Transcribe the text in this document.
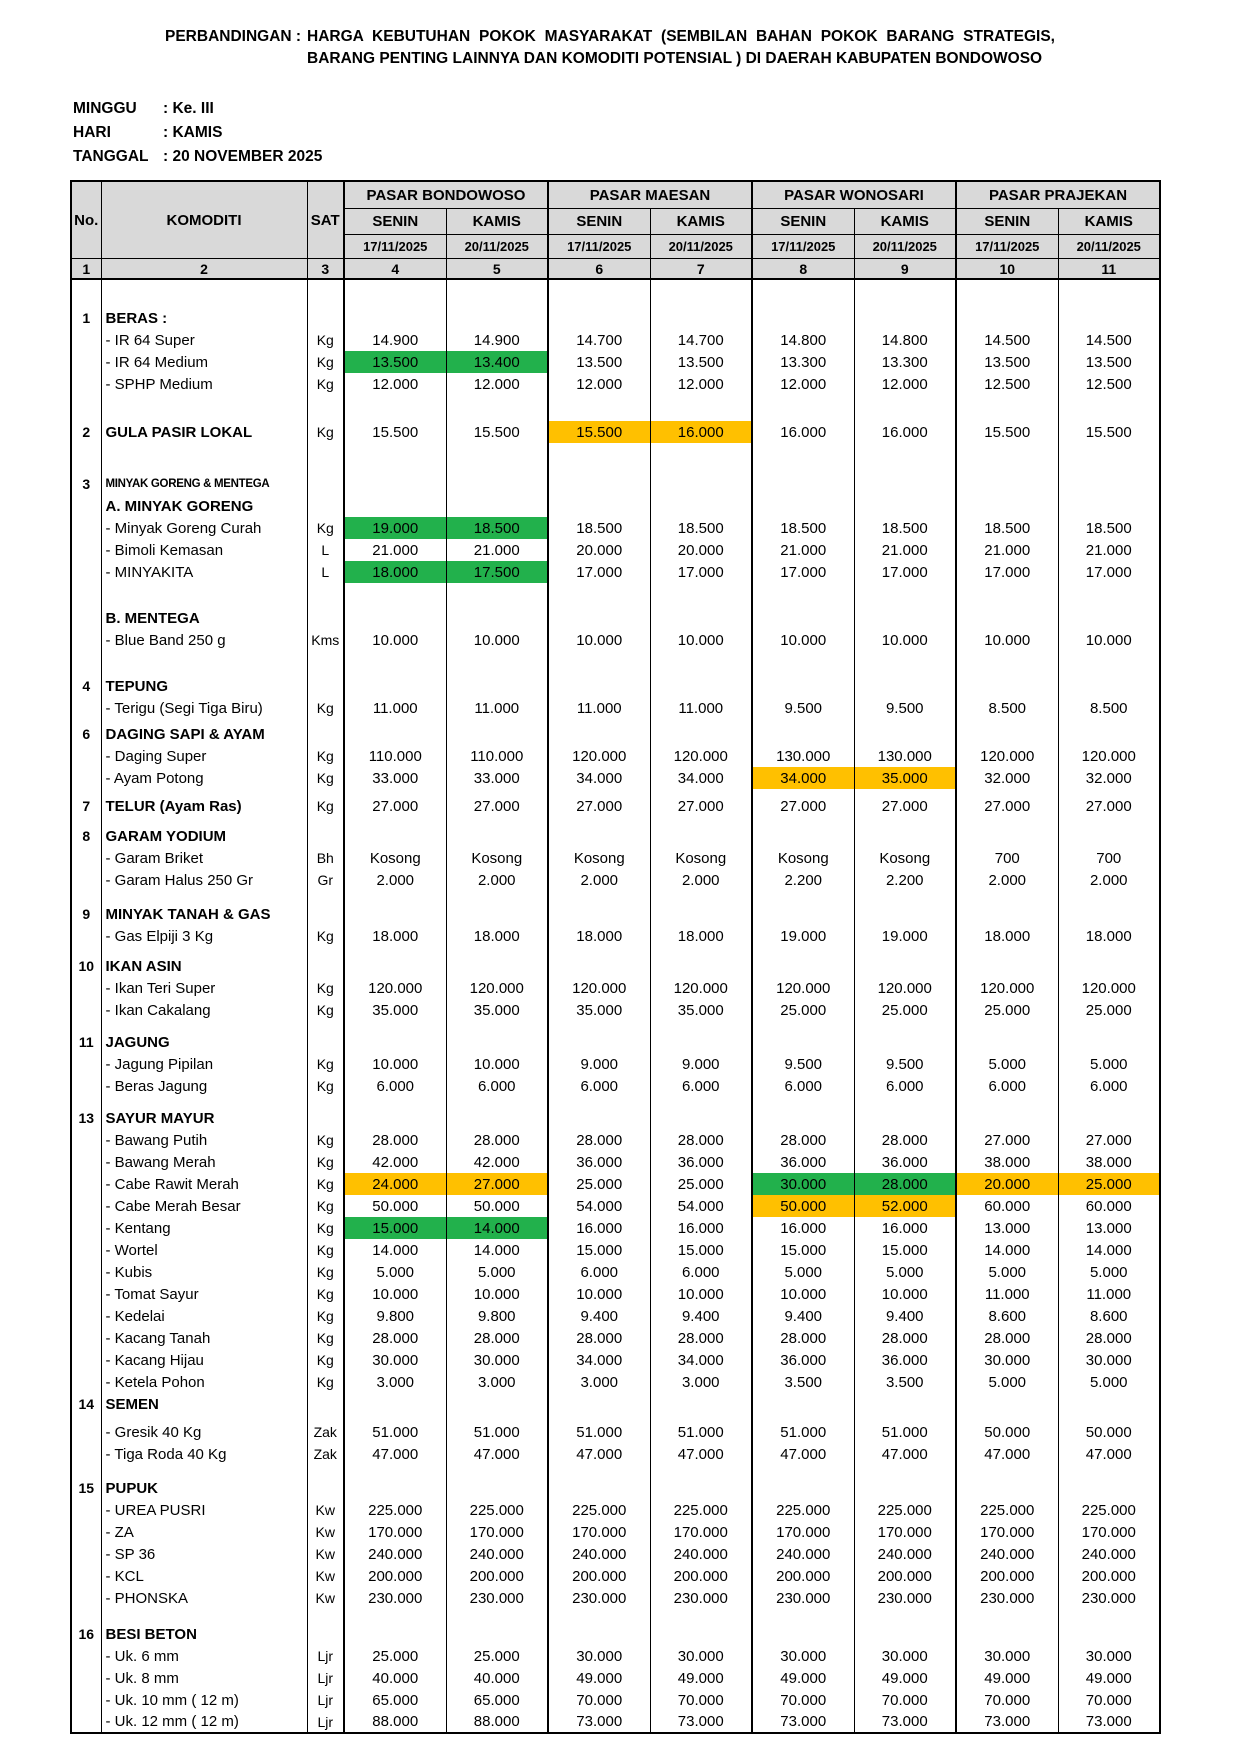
PERBANDINGAN : HARGA KEBUTUHAN POKOK MASYARAKAT (SEMBILAN BAHAN POKOK BARANG STRATEGIS, BARANG PENTING LAINNYA DAN KOMODITI POTENSIAL ) DI DAERAH KABUPATEN BONDOWOSO
MINGGU	: Ke. III
HARI	: KAMIS
TANGGAL : 20 NOVEMBER 2025
No.	KOMODITI	SAT	PASAR BONDOWOSO		PASAR MAESAN		PASAR WONOSARI		PASAR PRAJEKAN	
			SENIN	KAMIS	SENIN	KAMIS	SENIN	KAMIS	SENIN	KAMIS
			17/11/2025	20/11/2025	17/11/2025	20/11/2025	17/11/2025	20/11/2025	17/11/2025	20/11/2025
1	2	3	4	5	6	7	8	9	10	11

1	BERAS :									
	- IR 64 Super	Kg	14.900	14.900	14.700	14.700	14.800	14.800	14.500	14.500
	- IR 64 Medium	Kg	13.500	13.400	13.500	13.500	13.300	13.300	13.500	13.500
	- SPHP Medium	Kg	12.000	12.000	12.000	12.000	12.000	12.000	12.500	12.500

2	GULA PASIR LOKAL	Kg	15.500	15.500	15.500	16.000	16.000	16.000	15.500	15.500

3	MINYAK GORENG & MENTEGA									
	A. MINYAK GORENG									
	- Minyak Goreng Curah	Kg	19.000	18.500	18.500	18.500	18.500	18.500	18.500	18.500
	- Bimoli Kemasan	L	21.000	21.000	20.000	20.000	21.000	21.000	21.000	21.000
	- MINYAKITA	L	18.000	17.500	17.000	17.000	17.000	17.000	17.000	17.000

	B. MENTEGA									
	- Blue Band 250 g	Kms	10.000	10.000	10.000	10.000	10.000	10.000	10.000	10.000

4	TEPUNG									
	- Terigu (Segi Tiga Biru)	Kg	11.000	11.000	11.000	11.000	9.500	9.500	8.500	8.500

6	DAGING SAPI & AYAM									
	- Daging Super	Kg	110.000	110.000	120.000	120.000	130.000	130.000	120.000	120.000
	- Ayam Potong	Kg	33.000	33.000	34.000	34.000	34.000	35.000	32.000	32.000

7	TELUR (Ayam Ras)	Kg	27.000	27.000	27.000	27.000	27.000	27.000	27.000	27.000

8	GARAM YODIUM									
	- Garam Briket	Bh	Kosong	Kosong	Kosong	Kosong	Kosong	Kosong	700	700
	- Garam Halus 250 Gr	Gr	2.000	2.000	2.000	2.000	2.200	2.200	2.000	2.000

9	MINYAK TANAH & GAS									
	- Gas Elpiji 3 Kg	Kg	18.000	18.000	18.000	18.000	19.000	19.000	18.000	18.000

10	IKAN ASIN									
	- Ikan Teri Super	Kg	120.000	120.000	120.000	120.000	120.000	120.000	120.000	120.000
	- Ikan Cakalang	Kg	35.000	35.000	35.000	35.000	25.000	25.000	25.000	25.000

11	JAGUNG									
	- Jagung Pipilan	Kg	10.000	10.000	9.000	9.000	9.500	9.500	5.000	5.000
	- Beras Jagung	Kg	6.000	6.000	6.000	6.000	6.000	6.000	6.000	6.000

13	SAYUR MAYUR									
	- Bawang Putih	Kg	28.000	28.000	28.000	28.000	28.000	28.000	27.000	27.000
	- Bawang Merah	Kg	42.000	42.000	36.000	36.000	36.000	36.000	38.000	38.000
	- Cabe Rawit Merah	Kg	24.000	27.000	25.000	25.000	30.000	28.000	20.000	25.000
	- Cabe Merah Besar	Kg	50.000	50.000	54.000	54.000	50.000	52.000	60.000	60.000
	- Kentang	Kg	15.000	14.000	16.000	16.000	16.000	16.000	13.000	13.000
	- Wortel	Kg	14.000	14.000	15.000	15.000	15.000	15.000	14.000	14.000
	- Kubis	Kg	5.000	5.000	6.000	6.000	5.000	5.000	5.000	5.000
	- Tomat Sayur	Kg	10.000	10.000	10.000	10.000	10.000	10.000	11.000	11.000
	- Kedelai	Kg	9.800	9.800	9.400	9.400	9.400	9.400	8.600	8.600
	- Kacang Tanah	Kg	28.000	28.000	28.000	28.000	28.000	28.000	28.000	28.000
	- Kacang Hijau	Kg	30.000	30.000	34.000	34.000	36.000	36.000	30.000	30.000
	- Ketela Pohon	Kg	3.000	3.000	3.000	3.000	3.500	3.500	5.000	5.000
14	SEMEN									

	- Gresik 40 Kg	Zak	51.000	51.000	51.000	51.000	51.000	51.000	50.000	50.000
	- Tiga Roda 40 Kg	Zak	47.000	47.000	47.000	47.000	47.000	47.000	47.000	47.000

15	PUPUK									
	- UREA PUSRI	Kw	225.000	225.000	225.000	225.000	225.000	225.000	225.000	225.000
	- ZA	Kw	170.000	170.000	170.000	170.000	170.000	170.000	170.000	170.000
	- SP 36	Kw	240.000	240.000	240.000	240.000	240.000	240.000	240.000	240.000
	- KCL	Kw	200.000	200.000	200.000	200.000	200.000	200.000	200.000	200.000
	- PHONSKA	Kw	230.000	230.000	230.000	230.000	230.000	230.000	230.000	230.000

16	BESI BETON									
	- Uk. 6 mm	Ljr	25.000	25.000	30.000	30.000	30.000	30.000	30.000	30.000
	- Uk. 8 mm	Ljr	40.000	40.000	49.000	49.000	49.000	49.000	49.000	49.000
	- Uk. 10 mm ( 12 m)	Ljr	65.000	65.000	70.000	70.000	70.000	70.000	70.000	70.000
	- Uk. 12 mm ( 12 m)	Ljr	88.000	88.000	73.000	73.000	73.000	73.000	73.000	73.000
